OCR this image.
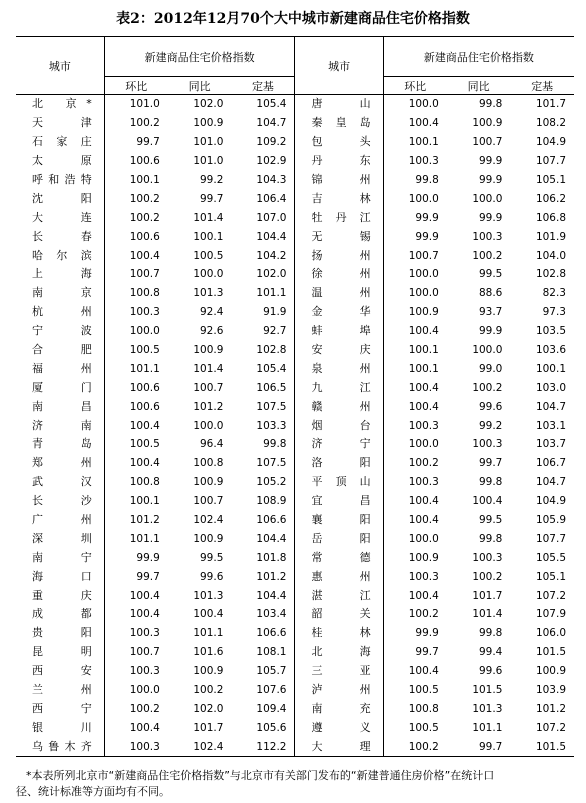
表2：2012年12月70个大中城市新建商品住宅价格指数
城市	新建商品住宅价格指数			城市	新建商品住宅价格指数		
	环比	同比	定基		环比	同比	定基
北 京*	101.0	102.0	105.4	唐 山	100.0	99.8	101.7
天 津	100.2	100.9	104.7	秦皇岛	100.4	100.9	108.2
石家庄	99.7	101.0	109.2	包 头	100.1	100.7	104.9
太 原	100.6	101.0	102.9	丹 东	100.3	99.9	107.7
呼和浩特	100.1	99.2	104.3	锦 州	99.8	99.9	105.1
沈 阳	100.2	99.7	106.4	吉 林	100.0	100.0	106.2
大 连	100.2	101.4	107.0	牡丹江	99.9	99.9	106.8
长 春	100.6	100.1	104.4	无 锡	99.9	100.3	101.9
哈尔滨	100.4	100.5	104.2	扬 州	100.7	100.2	104.0
上 海	100.7	100.0	102.0	徐 州	100.0	99.5	102.8
南 京	100.8	101.3	101.1	温 州	100.0	88.6	82.3
杭 州	100.3	92.4	91.9	金 华	100.9	93.7	97.3
宁 波	100.0	92.6	92.7	蚌 埠	100.4	99.9	103.5
合 肥	100.5	100.9	102.8	安 庆	100.1	100.0	103.6
福 州	101.1	101.4	105.4	泉 州	100.1	99.0	100.1
厦 门	100.6	100.7	106.5	九 江	100.4	100.2	103.0
南 昌	100.6	101.2	107.5	赣 州	100.4	99.6	104.7
济 南	100.4	100.0	103.3	烟 台	100.3	99.2	103.1
青 岛	100.5	96.4	99.8	济 宁	100.0	100.3	103.7
郑 州	100.4	100.8	107.5	洛 阳	100.2	99.7	106.7
武 汉	100.8	100.9	105.2	平顶山	100.3	99.8	104.7
长 沙	100.1	100.7	108.9	宜 昌	100.4	100.4	104.9
广 州	101.2	102.4	106.6	襄 阳	100.4	99.5	105.9
深 圳	101.1	100.9	104.4	岳 阳	100.0	99.8	107.7
南 宁	99.9	99.5	101.8	常 德	100.9	100.3	105.5
海 口	99.7	99.6	101.2	惠 州	100.3	100.2	105.1
重 庆	100.4	101.3	104.4	湛 江	100.4	101.7	107.2
成 都	100.4	100.4	103.4	韶 关	100.2	101.4	107.9
贵 阳	100.3	101.1	106.6	桂 林	99.9	99.8	106.0
昆 明	100.7	101.6	108.1	北 海	99.7	99.4	101.5
西 安	100.3	100.9	105.7	三 亚	100.4	99.6	100.9
兰 州	100.0	100.2	107.6	泸 州	100.5	101.5	103.9
西 宁	100.2	102.0	109.4	南 充	100.8	101.3	101.2
银 川	100.4	101.7	105.6	遵 义	100.5	101.1	107.2
乌鲁木齐	100.3	102.4	112.2	大 理	100.2	99.7	101.5
*本表所列北京市“新建商品住宅价格指数”与北京市有关部门发布的“新建普通住房价格”在统计口
径、统计标准等方面均有不同。
